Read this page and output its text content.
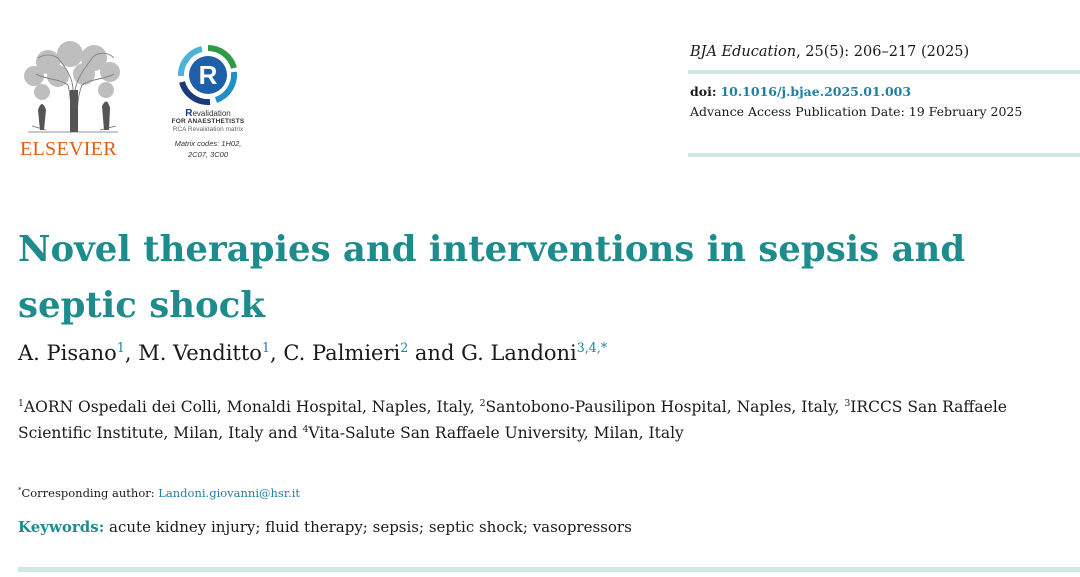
ELSEVIER
R
Revalidation
FOR ANAESTHETISTS
RCA Revalidation matrix
Matrix codes: 1H02,
2C07, 3C00
BJA Education, 25(5): 206–217 (2025)
doi: 10.1016/j.bjae.2025.01.003
Advance Access Publication Date: 19 February 2025
Novel therapies and interventions in sepsis and
septic shock
A. Pisano$^1$, M. Venditto$^1$, C. Palmieri$^2$ and G. Landoni$^{3,4,*}$
$^1$AORN Ospedali dei Colli, Monaldi Hospital, Naples, Italy, $^2$Santobono-Pausilipon Hospital, Naples, Italy, $^3$IRCCS San Raffaele Scientific Institute, Milan, Italy and $^4$Vita-Salute San Raffaele University, Milan, Italy
*Corresponding author: Landoni.giovanni@hsr.it
Keywords: acute kidney injury; fluid therapy; sepsis; septic shock; vasopressors
